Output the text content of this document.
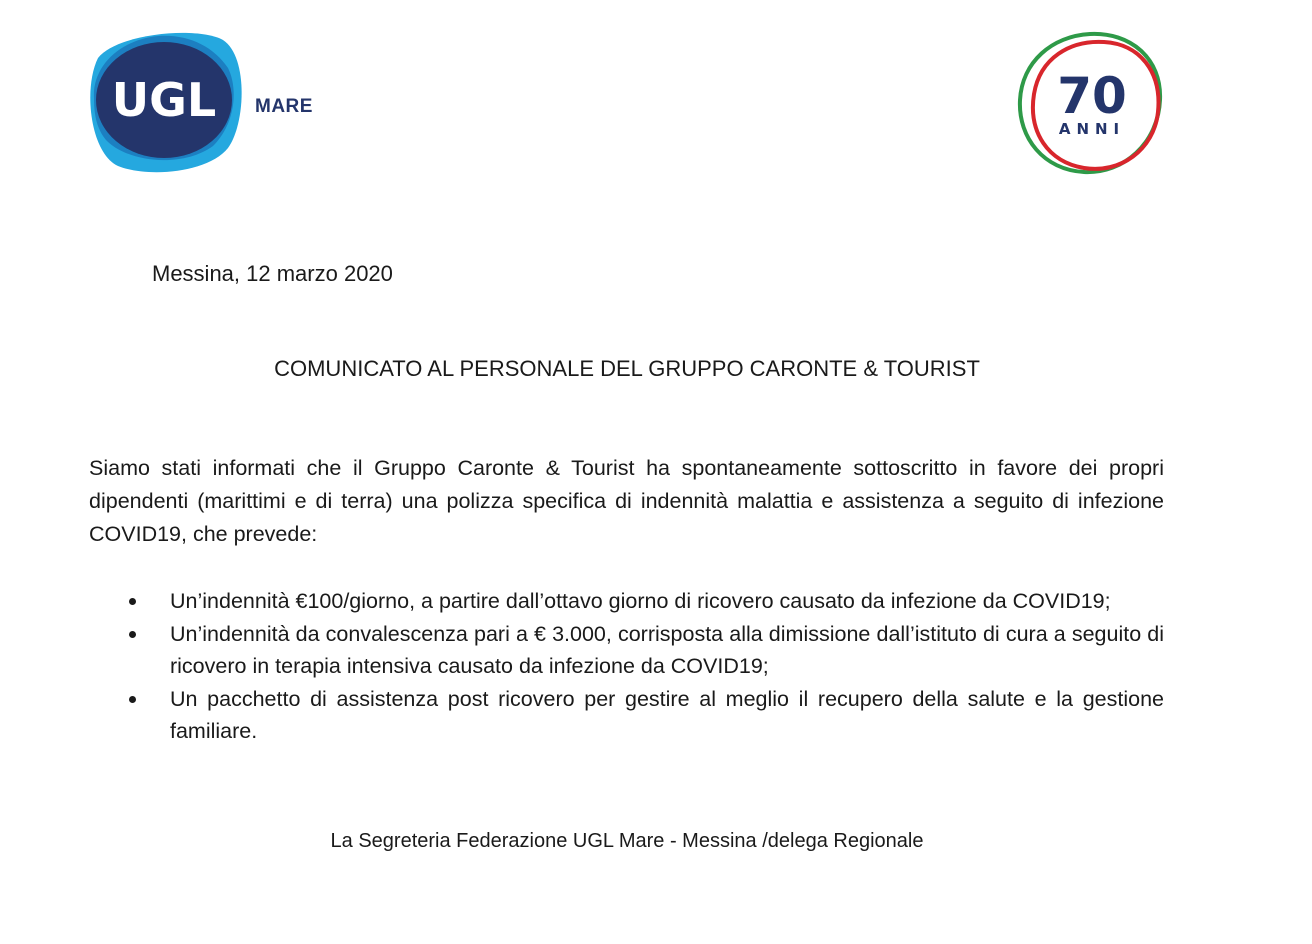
UGL MARE	70
ANNI
Messina, 12 marzo 2020
COMUNICATO AL PERSONALE DEL GRUPPO CARONTE & TOURIST

Siamo stati informati che il Gruppo Caronte & Tourist ha spontaneamente sottoscritto in favore dei propri dipendenti (marittimi e di terra) una polizza specifica di indennità malattia e assistenza a seguito di infezione COVID19, che prevede:

Un’indennità €100/giorno, a partire dall’ottavo giorno di ricovero causato da infezione da COVID19;
Un’indennità da convalescenza pari a € 3.000, corrisposta alla dimissione dall’istituto di cura a seguito di ricovero in terapia intensiva causato da infezione da COVID19;
Un pacchetto di assistenza post ricovero per gestire al meglio il recupero della salute e la gestione familiare.
La Segreteria Federazione UGL Mare - Messina /delega Regionale
